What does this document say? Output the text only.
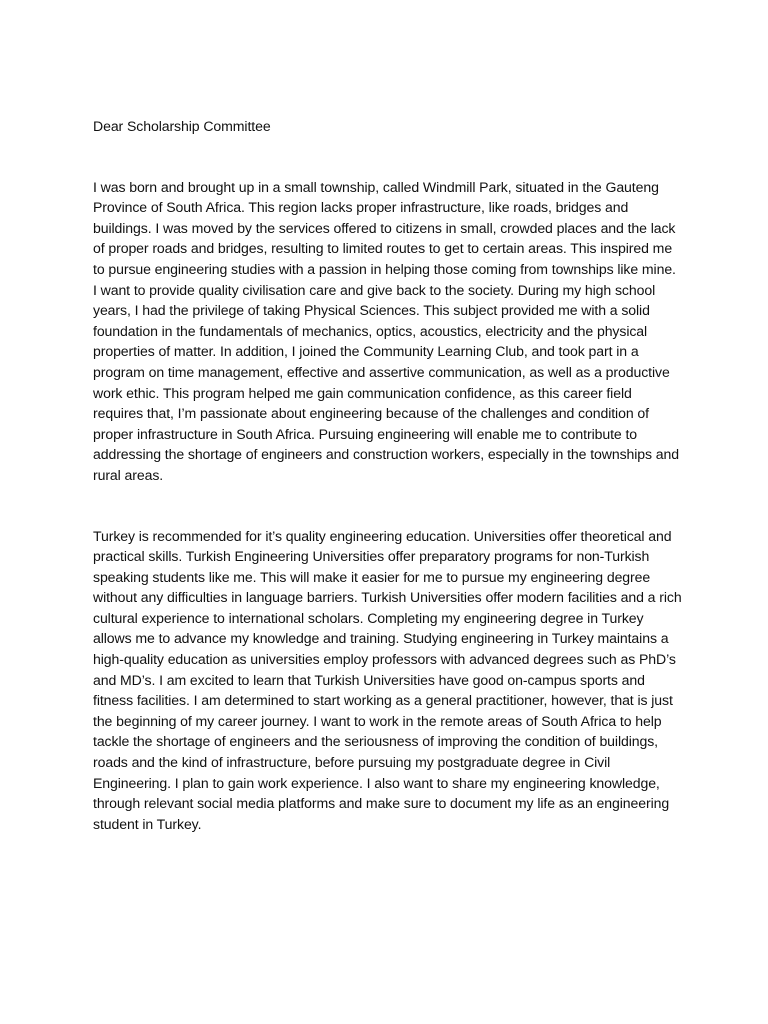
Dear Scholarship Committee

I was born and brought up in a small township, called Windmill Park, situated in the Gauteng Province of South Africa. This region lacks proper infrastructure, like roads, bridges and buildings. I was moved by the services offered to citizens in small, crowded places and the lack of proper roads and bridges, resulting to limited routes to get to certain areas. This inspired me to pursue engineering studies with a passion in helping those coming from townships like mine. I want to provide quality civilisation care and give back to the society. During my high school years, I had the privilege of taking Physical Sciences. This subject provided me with a solid foundation in the fundamentals of mechanics, optics, acoustics, electricity and the physical properties of matter. In addition, I joined the Community Learning Club, and took part in a program on time management, effective and assertive communication, as well as a productive work ethic. This program helped me gain communication confidence, as this career field requires that, I’m passionate about engineering because of the challenges and condition of proper infrastructure in South Africa. Pursuing engineering will enable me to contribute to addressing the shortage of engineers and construction workers, especially in the townships and rural areas.

Turkey is recommended for it’s quality engineering education. Universities offer theoretical and practical skills. Turkish Engineering Universities offer preparatory programs for non-Turkish speaking students like me. This will make it easier for me to pursue my engineering degree without any difficulties in language barriers. Turkish Universities offer modern facilities and a rich cultural experience to international scholars. Completing my engineering degree in Turkey allows me to advance my knowledge and training. Studying engineering in Turkey maintains a high-quality education as universities employ professors with advanced degrees such as PhD’s and MD’s. I am excited to learn that Turkish Universities have good on-campus sports and fitness facilities. I am determined to start working as a general practitioner, however, that is just the beginning of my career journey. I want to work in the remote areas of South Africa to help tackle the shortage of engineers and the seriousness of improving the condition of buildings, roads and the kind of infrastructure, before pursuing my postgraduate degree in Civil Engineering. I plan to gain work experience. I also want to share my engineering knowledge, through relevant social media platforms and make sure to document my life as an engineering student in Turkey.
